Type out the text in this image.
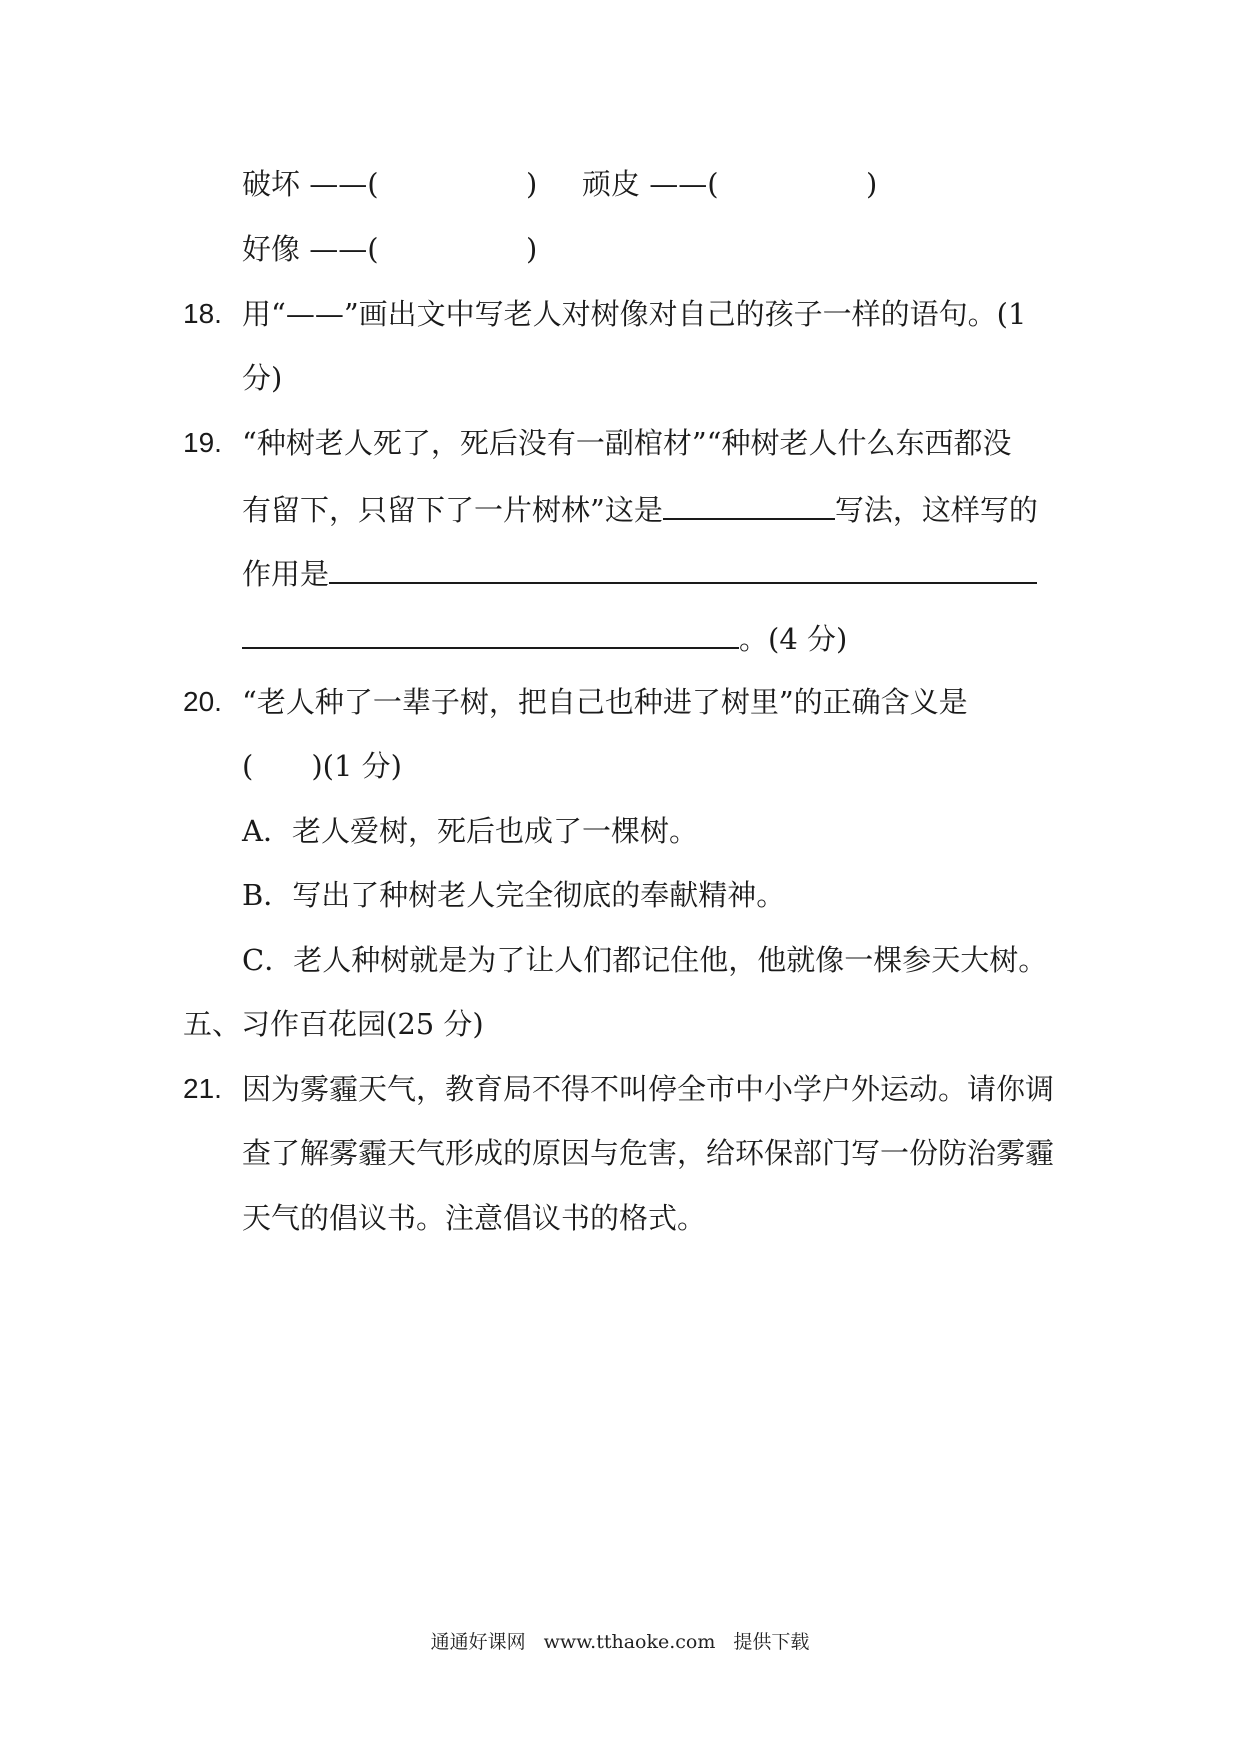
破坏 ——(	) 顽皮 ——(	)
好像 ——(	)
18. 用“——”画出文中写老人对树像对自己的孩子一样的语句。(1
分)
19. “种树老人死了，死后没有一副棺材”“种树老人什么东西都没
有留下，只留下了一片树林”这是	写法，这样写的
作用是
。(4 分)
20. “老人种了一辈子树，把自己也种进了树里”的正确含义是
(　　)(1 分)
A．老人爱树，死后也成了一棵树。
B．写出了种树老人完全彻底的奉献精神。
C．老人种树就是为了让人们都记住他，他就像一棵参天大树。
五、习作百花园(25 分)
21. 因为雾霾天气，教育局不得不叫停全市中小学户外运动。请你调
查了解雾霾天气形成的原因与危害，给环保部门写一份防治雾霾
天气的倡议书。注意倡议书的格式。
通通好课网 www.tthaoke.com 提供下载
